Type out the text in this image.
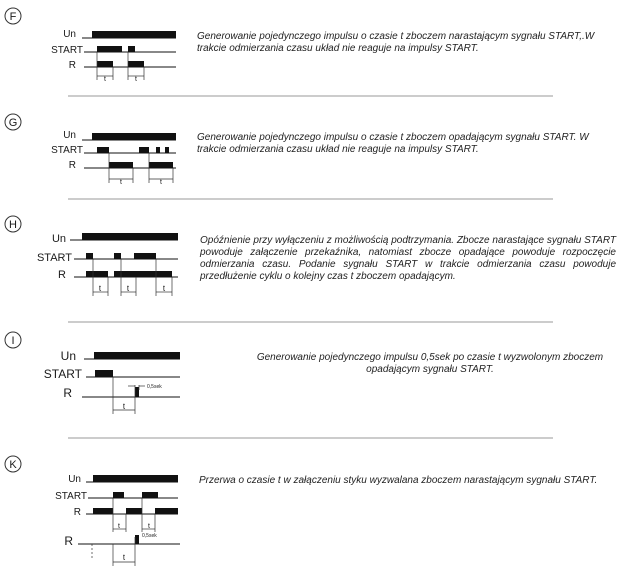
F
Un
START
R
t	t
G
Un
START
R
t	t
H
Un
START
R
t	t	t
I
Un
START
R
t
0,5sek
K
Un
START
R
R
t	t
t
0,5sek

Generowanie pojedynczego impulsu o czasie t zboczem narastającym sygnału START,.W trakcie odmierzania czasu układ nie reaguje na impulsy START.

Generowanie pojedynczego impulsu o czasie t zboczem opadającym sygnału START. W trakcie odmierzania czasu układ nie reaguje na impulsy START.

Opóźnienie przy wyłączeniu z możliwością podtrzymania. Zbocze narastające sygnału START powoduje załączenie przekaźnika, natomiast zbocze opadające powoduje rozpoczęcie odmierzania czasu. Podanie sygnału START w trakcie odmierzania czasu powoduje przedłużenie cyklu o kolejny czas t zboczem opadającym.

Generowanie pojedynczego impulsu 0,5sek po czasie t wyzwolonym zboczem opadającym sygnału START.

Przerwa o czasie t w załączeniu styku wyzwalana zboczem narastającym sygnału START.
